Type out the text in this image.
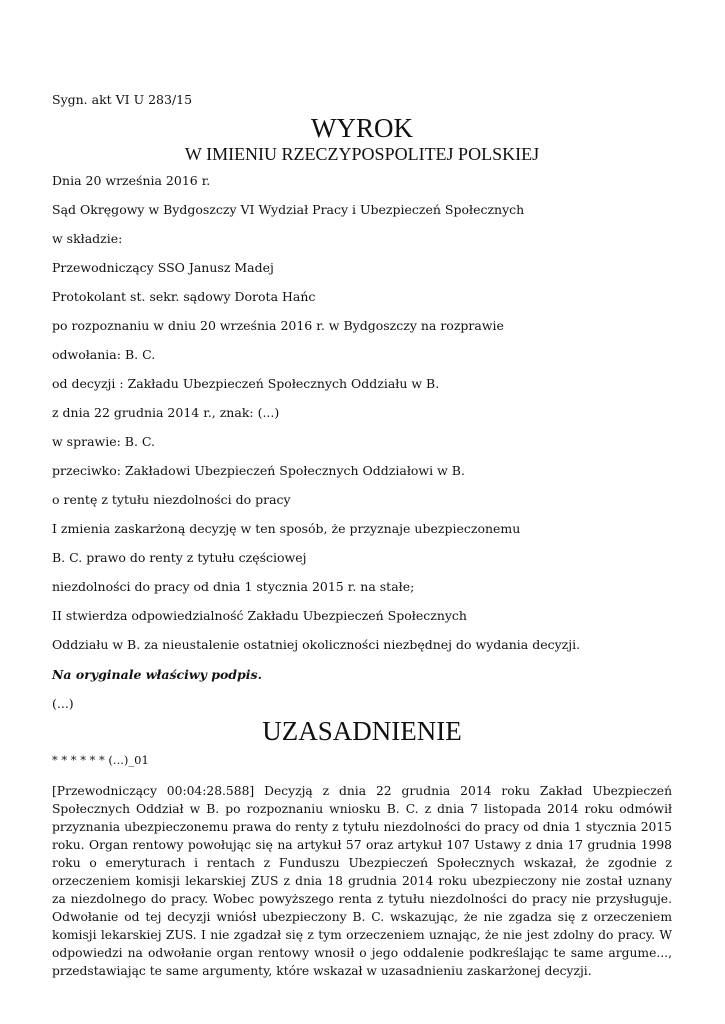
Sygn. akt VI U 283/15
WYROK
W IMIENIU RZECZYPOSPOLITEJ POLSKIEJ
Dnia 20 września 2016 r.
Sąd Okręgowy w Bydgoszczy VI Wydział Pracy i Ubezpieczeń Społecznych
w składzie:
Przewodniczący SSO Janusz Madej
Protokolant st. sekr. sądowy Dorota Hańc
po rozpoznaniu w dniu 20 września 2016 r. w Bydgoszczy na rozprawie
odwołania: B. C.
od decyzji : Zakładu Ubezpieczeń Społecznych Oddziału w B.
z dnia 22 grudnia 2014 r., znak: (...)
w sprawie: B. C.
przeciwko: Zakładowi Ubezpieczeń Społecznych Oddziałowi w B.
o rentę z tytułu niezdolności do pracy
I zmienia zaskarżoną decyzję w ten sposób, że przyznaje ubezpieczonemu
B. C. prawo do renty z tytułu częściowej
niezdolności do pracy od dnia 1 stycznia 2015 r. na stałe;
II stwierdza odpowiedzialność Zakładu Ubezpieczeń Społecznych
Oddziału w B. za nieustalenie ostatniej okoliczności niezbędnej do wydania decyzji.
Na oryginale właściwy podpis.
(...)
UZASADNIENIE
* * * * * * (...)_01
[Przewodniczący 00:04:28.588] Decyzją z dnia 22 grudnia 2014 roku Zakład Ubezpieczeń Społecznych Oddział w B. po rozpoznaniu wniosku B. C. z dnia 7 listopada 2014 roku odmówił przyznania ubezpieczonemu prawa do renty z tytułu niezdolności do pracy od dnia 1 stycznia 2015 roku. Organ rentowy powołując się na artykuł 57 oraz artykuł 107 Ustawy z dnia 17 grudnia 1998 roku o emeryturach i rentach z Funduszu Ubezpieczeń Społecznych wskazał, że zgodnie z orzeczeniem komisji lekarskiej ZUS z dnia 18 grudnia 2014 roku ubezpieczony nie został uznany za niezdolnego do pracy. Wobec powyższego renta z tytułu niezdolności do pracy nie przysługuje. Odwołanie od tej decyzji wniósł ubezpieczony B. C. wskazując, że nie zgadza się z orzeczeniem komisji lekarskiej ZUS. I nie zgadzał się z tym orzeczeniem uznając, że nie jest zdolny do pracy. W odpowiedzi na odwołanie organ rentowy wnosił o jego oddalenie podkreślając te same argume..., przedstawiając te same argumenty, które wskazał w uzasadnieniu zaskarżonej decyzji.
